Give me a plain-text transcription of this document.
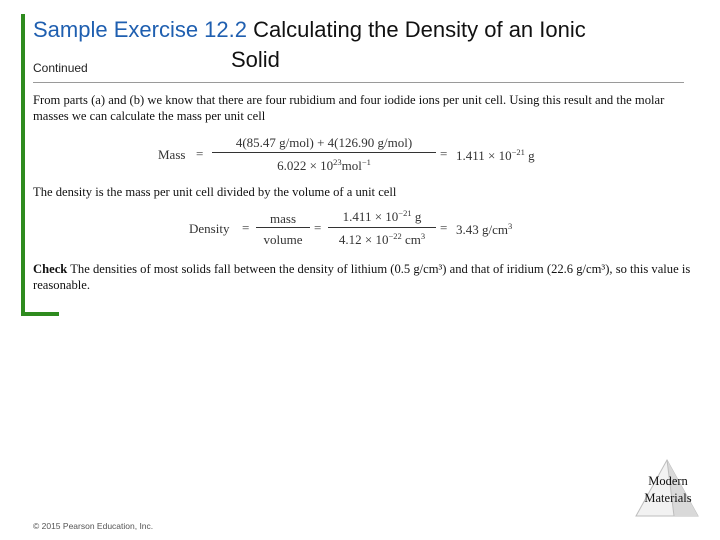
Sample Exercise 12.2 Calculating the Density of an Ionic
Solid
Continued
From parts (a) and (b) we know that there are four rubidium and four iodide ions per unit cell. Using this result and the molar masses we can calculate the mass per unit cell
Mass =
4(85.47 g/mol) + 4(126.90 g/mol)
$6.022 \times 10^{23}mol^{-1}$
= $1.411 \times 10^{-21}$ g
The density is the mass per unit cell divided by the volume of a unit cell
Density =
mass
volume
=
$1.411 \times 10^{-21}$ g
$4.12 \times 10^{-22}$ $cm^3$
= 3.43 $g/cm^3$
Check The densities of most solids fall between the density of lithium (0.5 g/cm³) and that of iridium (22.6 g/cm³), so this value is reasonable.
Modern
Materials
© 2015 Pearson Education, Inc.
